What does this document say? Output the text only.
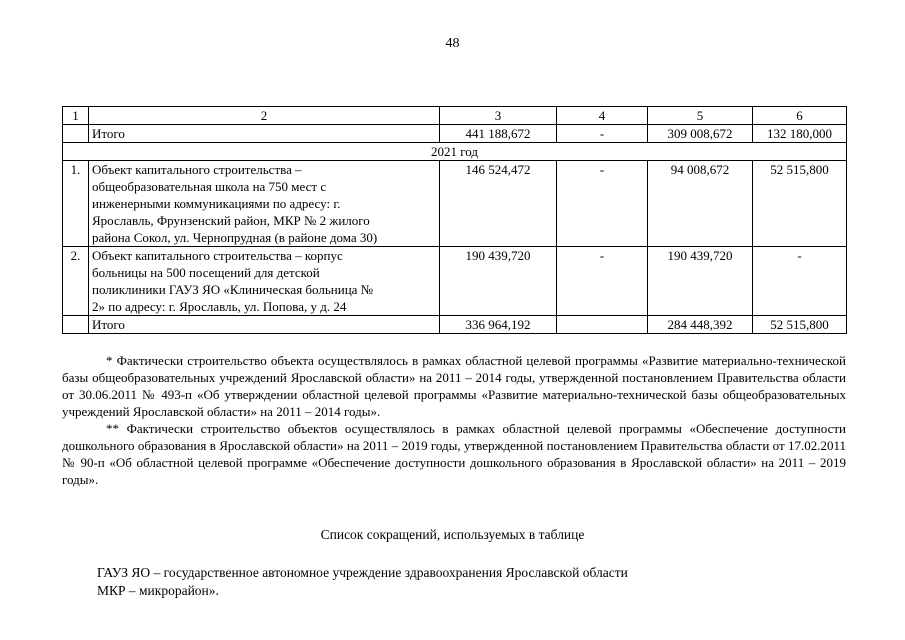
48
1	2	3	4	5	6
	Итого	441 188,672	-	309 008,672	132 180,000
2021 год					
1.	Объект капитального строительства –
общеобразовательная школа на 750 мест с
инженерными коммуникациями по адресу: г.
Ярославль, Фрунзенский район, МКР № 2 жилого
района Сокол, ул. Чернопрудная (в районе дома 30)	146 524,472	-	94 008,672	52 515,800
2.	Объект капитального строительства – корпус
больницы на 500 посещений для детской
поликлиники ГАУЗ ЯО «Клиническая больница №
2» по адресу: г. Ярославль, ул. Попова, у д. 24	190 439,720	-	190 439,720	-
	Итого	336 964,192		284 448,392	52 515,800

* Фактически строительство объекта осуществлялось в рамках областной целевой программы «Развитие материально-технической базы общеобразовательных учреждений Ярославской области» на 2011 – 2014 годы, утвержденной постановлением Правительства области от 30.06.2011 № 493-п «Об утверждении областной целевой программы «Развитие материально-технической базы общеобразовательных учреждений Ярославской области» на 2011 – 2014 годы».

** Фактически строительство объектов осуществлялось в рамках областной целевой программы «Обеспечение доступности дошкольного образования в Ярославской области» на 2011 – 2019 годы, утвержденной постановлением Правительства области от 17.02.2011 № 90-п «Об областной целевой программе «Обеспечение доступности дошкольного образования в Ярославской области» на 2011 – 2019 годы».

Список сокращений, используемых в таблице
ГАУЗ ЯО – государственное автономное учреждение здравоохранения Ярославской области
МКР – микрорайон».
